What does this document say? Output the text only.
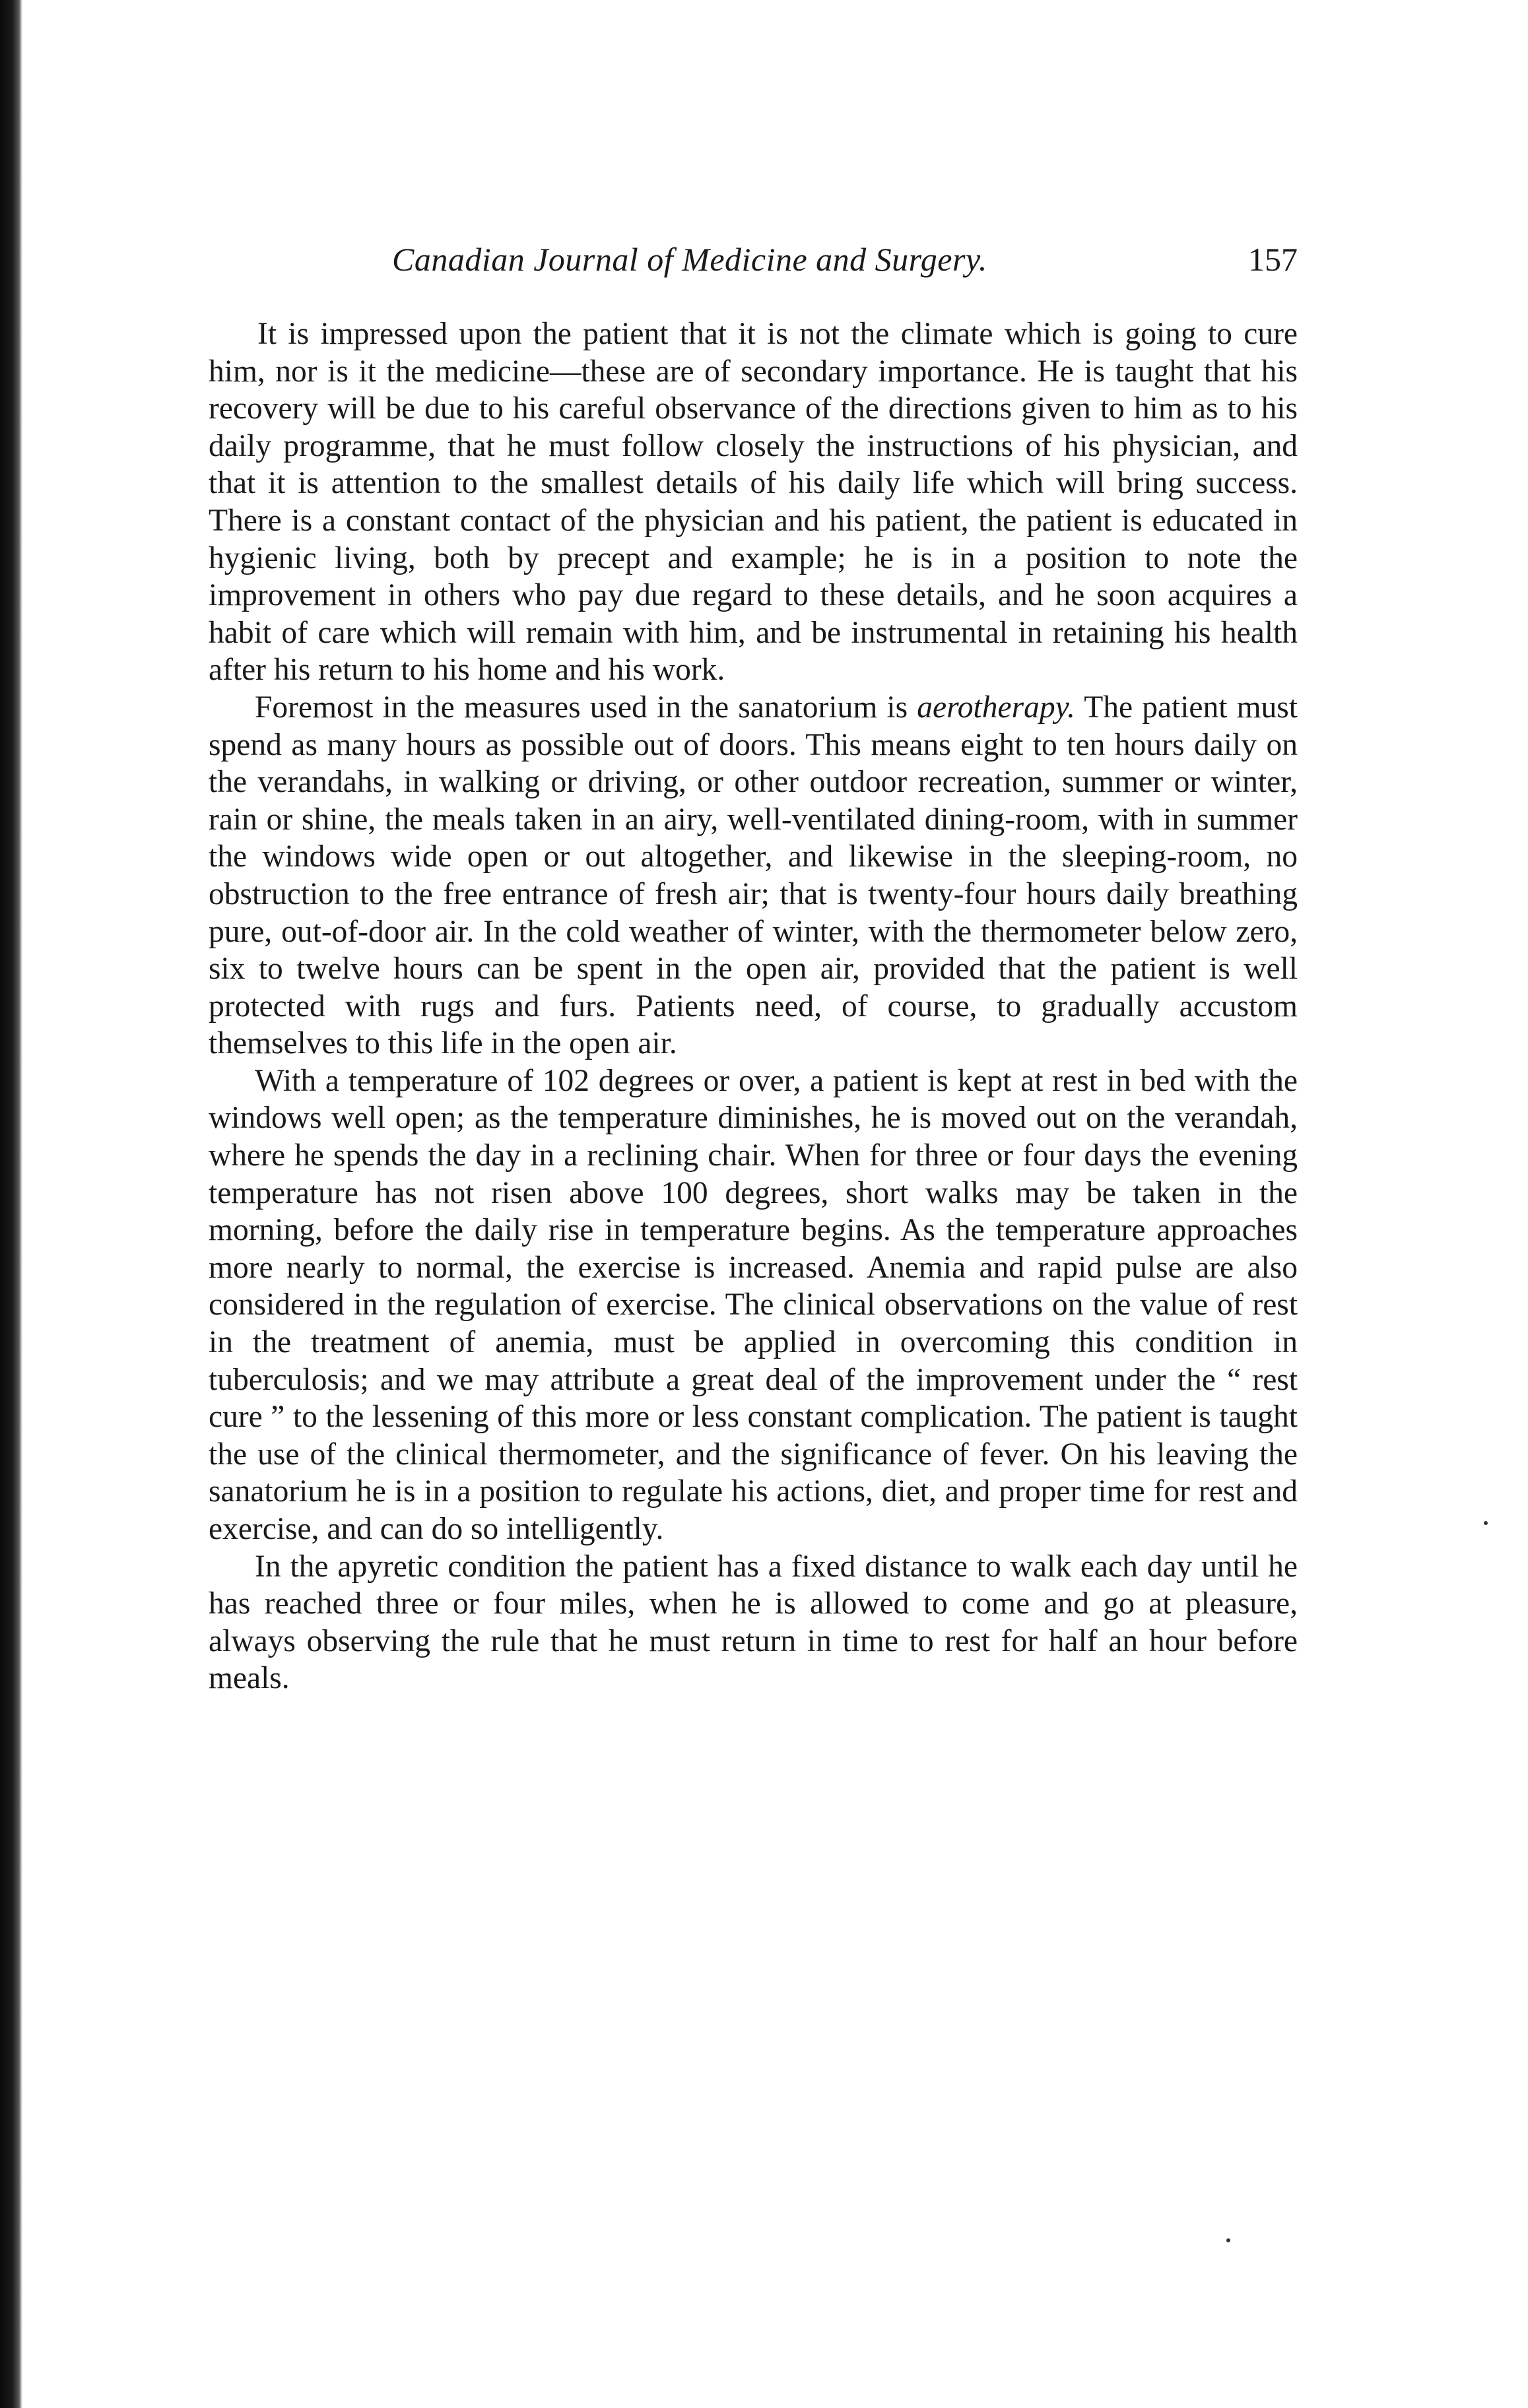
Canadian Journal of Medicine and Surgery.	157

It is impressed upon the patient that it is not the climate which is going to cure him, nor is it the medicine—these are of secondary importance. He is taught that his recovery will be due to his careful observance of the directions given to him as to his daily programme, that he must follow closely the instructions of his physician, and that it is attention to the smallest details of his daily life which will bring success. There is a constant contact of the physician and his patient, the patient is educated in hygienic living, both by precept and example; he is in a position to note the improvement in others who pay due regard to these details, and he soon acquires a habit of care which will remain with him, and be instrumental in retaining his health after his return to his home and his work.

Foremost in the measures used in the sanatorium is aerotherapy. The patient must spend as many hours as possible out of doors. This means eight to ten hours daily on the verandahs, in walking or driving, or other outdoor recreation, summer or winter, rain or shine, the meals taken in an airy, well-ventilated dining-room, with in summer the windows wide open or out altogether, and likewise in the sleeping-room, no obstruction to the free entrance of fresh air; that is twenty-four hours daily breathing pure, out-of-door air. In the cold weather of winter, with the thermometer below zero, six to twelve hours can be spent in the open air, provided that the patient is well protected with rugs and furs. Patients need, of course, to gradually accustom themselves to this life in the open air.

With a temperature of 102 degrees or over, a patient is kept at rest in bed with the windows well open; as the temperature diminishes, he is moved out on the verandah, where he spends the day in a reclining chair. When for three or four days the evening temperature has not risen above 100 degrees, short walks may be taken in the morning, before the daily rise in temperature begins. As the temperature approaches more nearly to normal, the exercise is increased. Anemia and rapid pulse are also considered in the regulation of exercise. The clinical observations on the value of rest in the treatment of anemia, must be applied in overcoming this condition in tuberculosis; and we may attribute a great deal of the improvement under the “ rest cure ” to the lessening of this more or less constant complication. The patient is taught the use of the clinical thermometer, and the significance of fever. On his leaving the sanatorium he is in a position to regulate his actions, diet, and proper time for rest and exercise, and can do so intelligently.

In the apyretic condition the patient has a fixed distance to walk each day until he has reached three or four miles, when he is allowed to come and go at pleasure, always observing the rule that he must return in time to rest for half an hour before meals.
